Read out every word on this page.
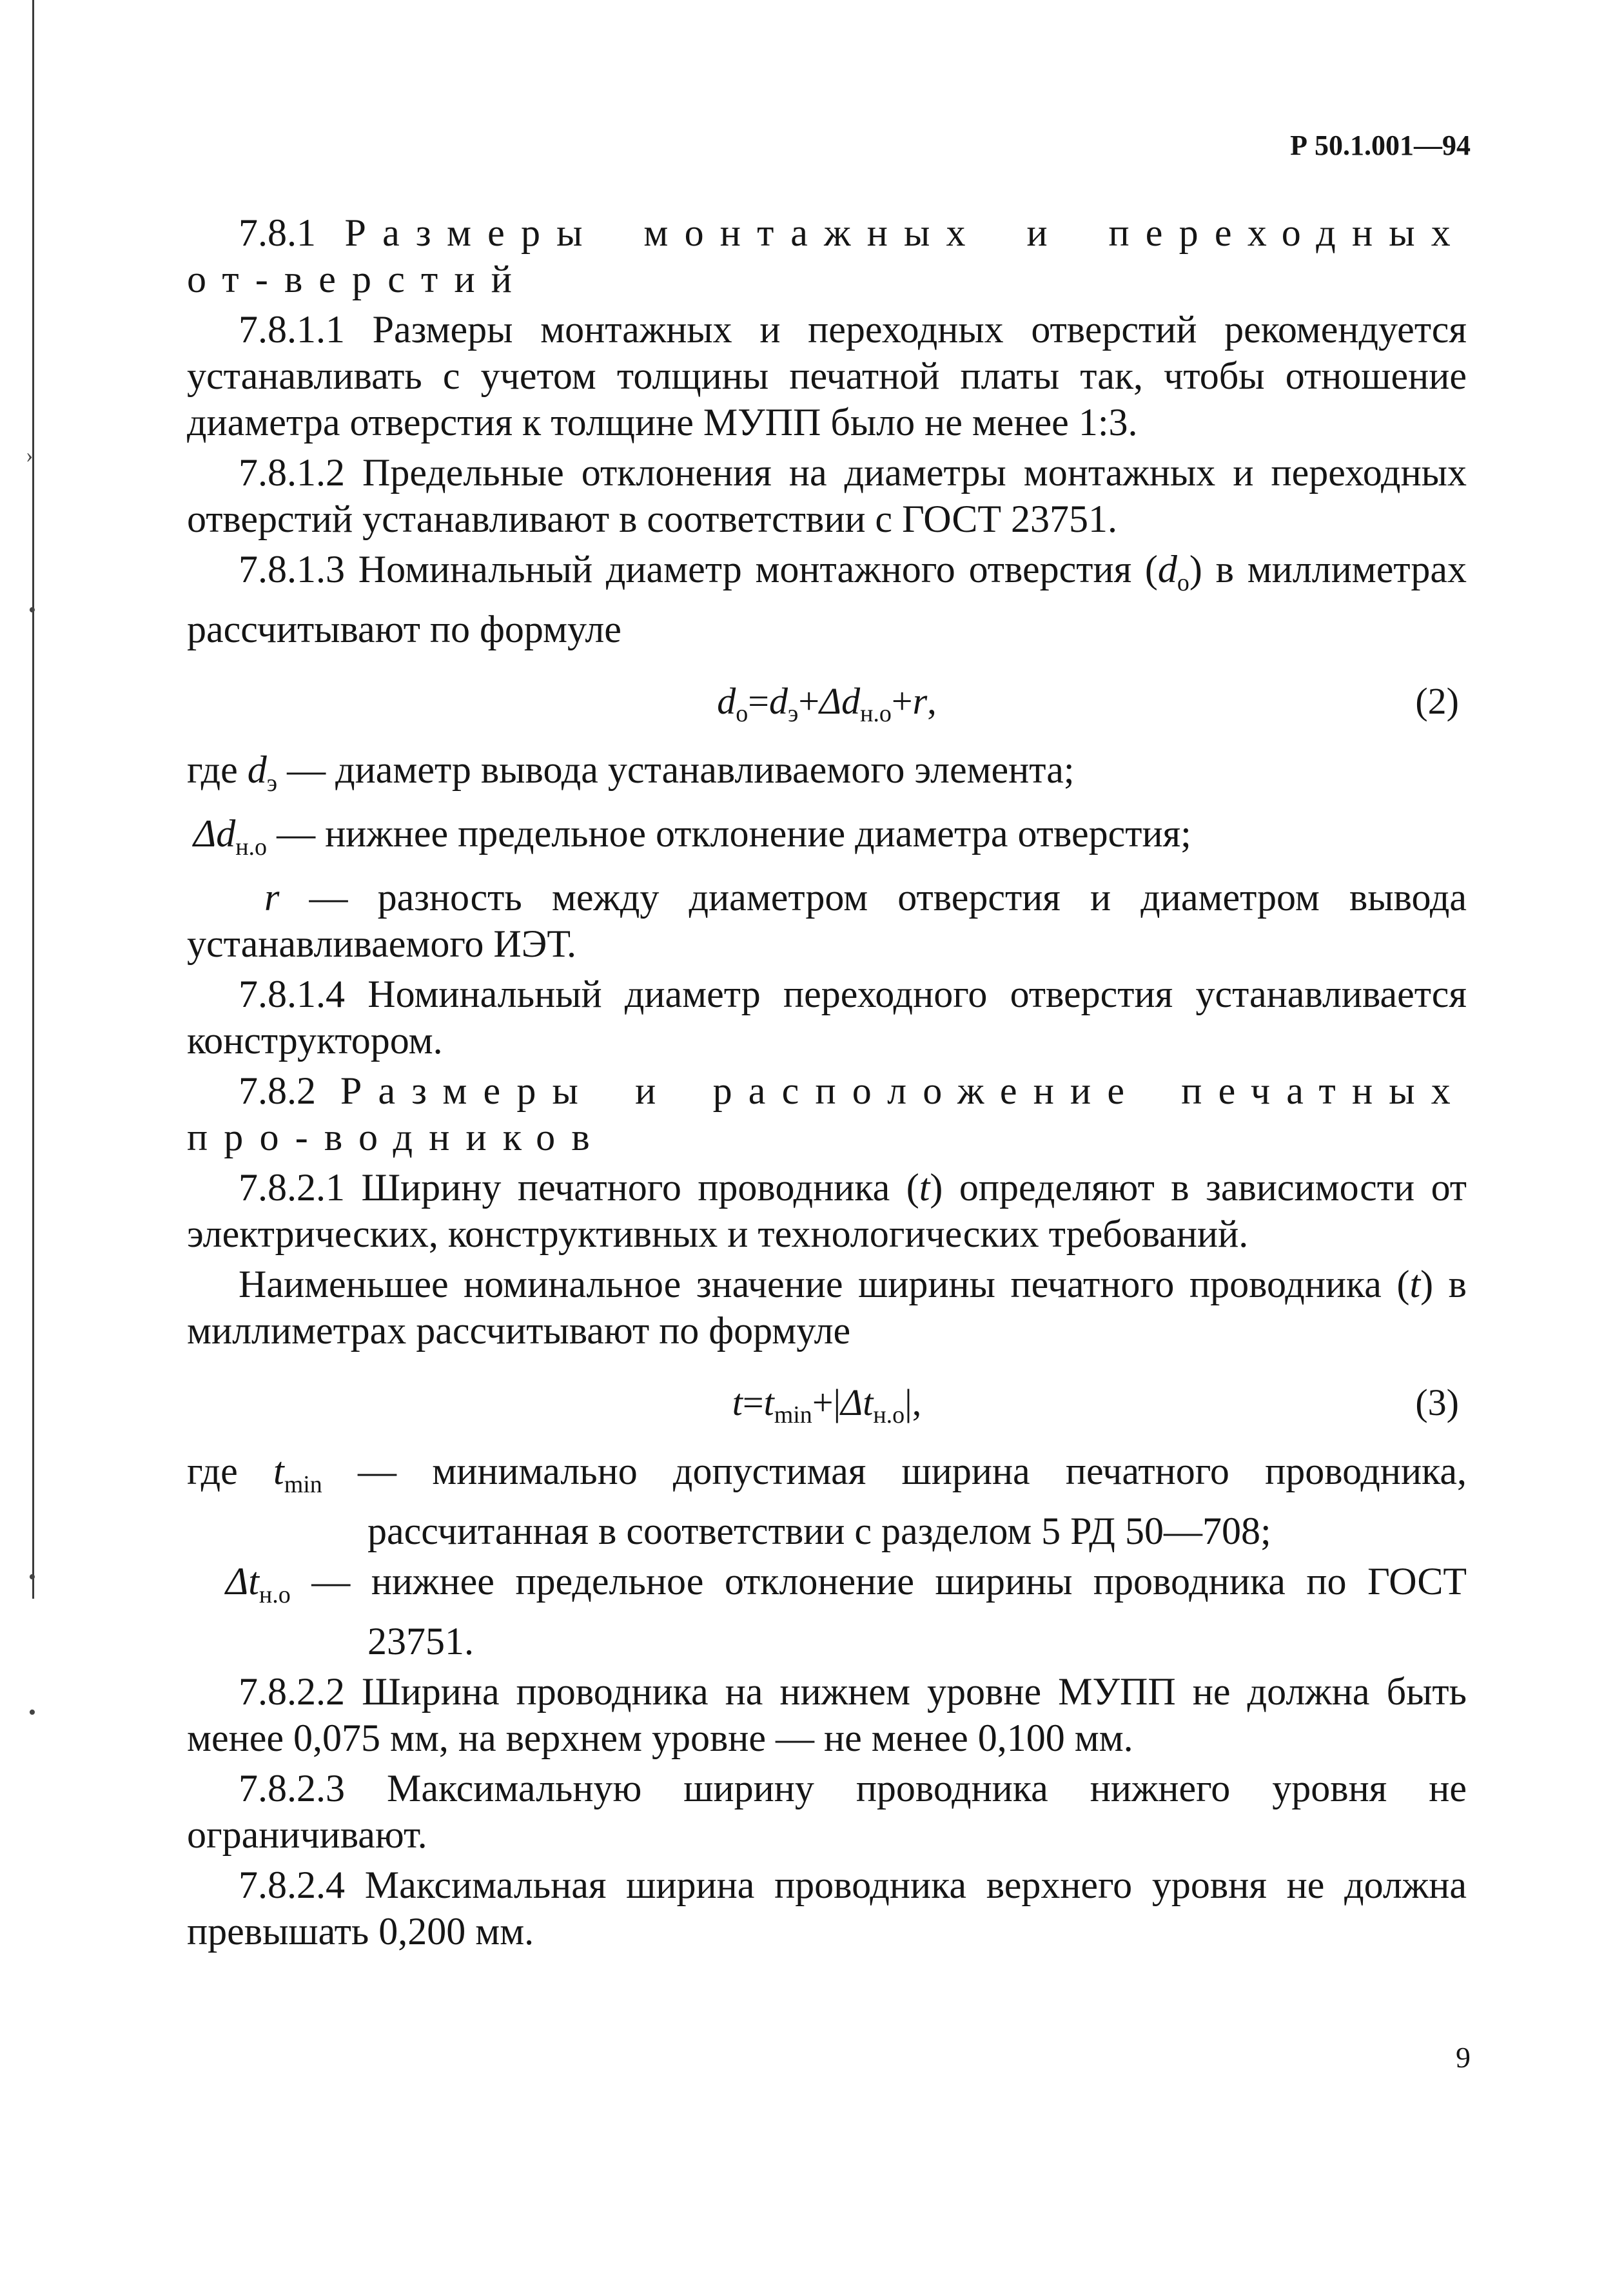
›
•
•
•
Р 50.1.001—94

7.8.1 Размеры монтажных и переходных от-верстий

7.8.1.1 Размеры монтажных и переходных отверстий рекомендуется устанавливать с учетом толщины печатной платы так, чтобы отношение диаметра отверстия к толщине МУПП было не менее 1:3.

7.8.1.2 Предельные отклонения на диаметры монтажных и переходных отверстий устанавливают в соответствии с ГОСТ 23751.

7.8.1.3 Номинальный диаметр монтажного отверстия $(d_o)$ в миллиметрах рассчитывают по формуле

$d_o=d_э+\Delta d_{н.о}+r$,	(2)

где $d_э$ — диаметр вывода устанавливаемого элемента;

$\Delta d_{н.о}$ — нижнее предельное отклонение диаметра отверстия;

r — разность между диаметром отверстия и диаметром вывода устанавливаемого ИЭТ.

7.8.1.4 Номинальный диаметр переходного отверстия устанавливается конструктором.

7.8.2 Размеры и расположение печатных про-водников

7.8.2.1 Ширину печатного проводника (t) определяют в зависимости от электрических, конструктивных и технологических требований.

Наименьшее номинальное значение ширины печатного проводника (t) в миллиметрах рассчитывают по формуле

$t=t_{min}+|\Delta t_{н.о}|$,	(3)

где $t_{min}$ — минимально допустимая ширина печатного проводника, рассчитанная в соответствии с разделом 5 РД 50—708;

$\Delta t_{н.о}$ — нижнее предельное отклонение ширины проводника по ГОСТ 23751.

7.8.2.2 Ширина проводника на нижнем уровне МУПП не должна быть менее 0,075 мм, на верхнем уровне — не менее 0,100 мм.

7.8.2.3 Максимальную ширину проводника нижнего уровня не ограничивают.

7.8.2.4 Максимальная ширина проводника верхнего уровня не должна превышать 0,200 мм.

9
